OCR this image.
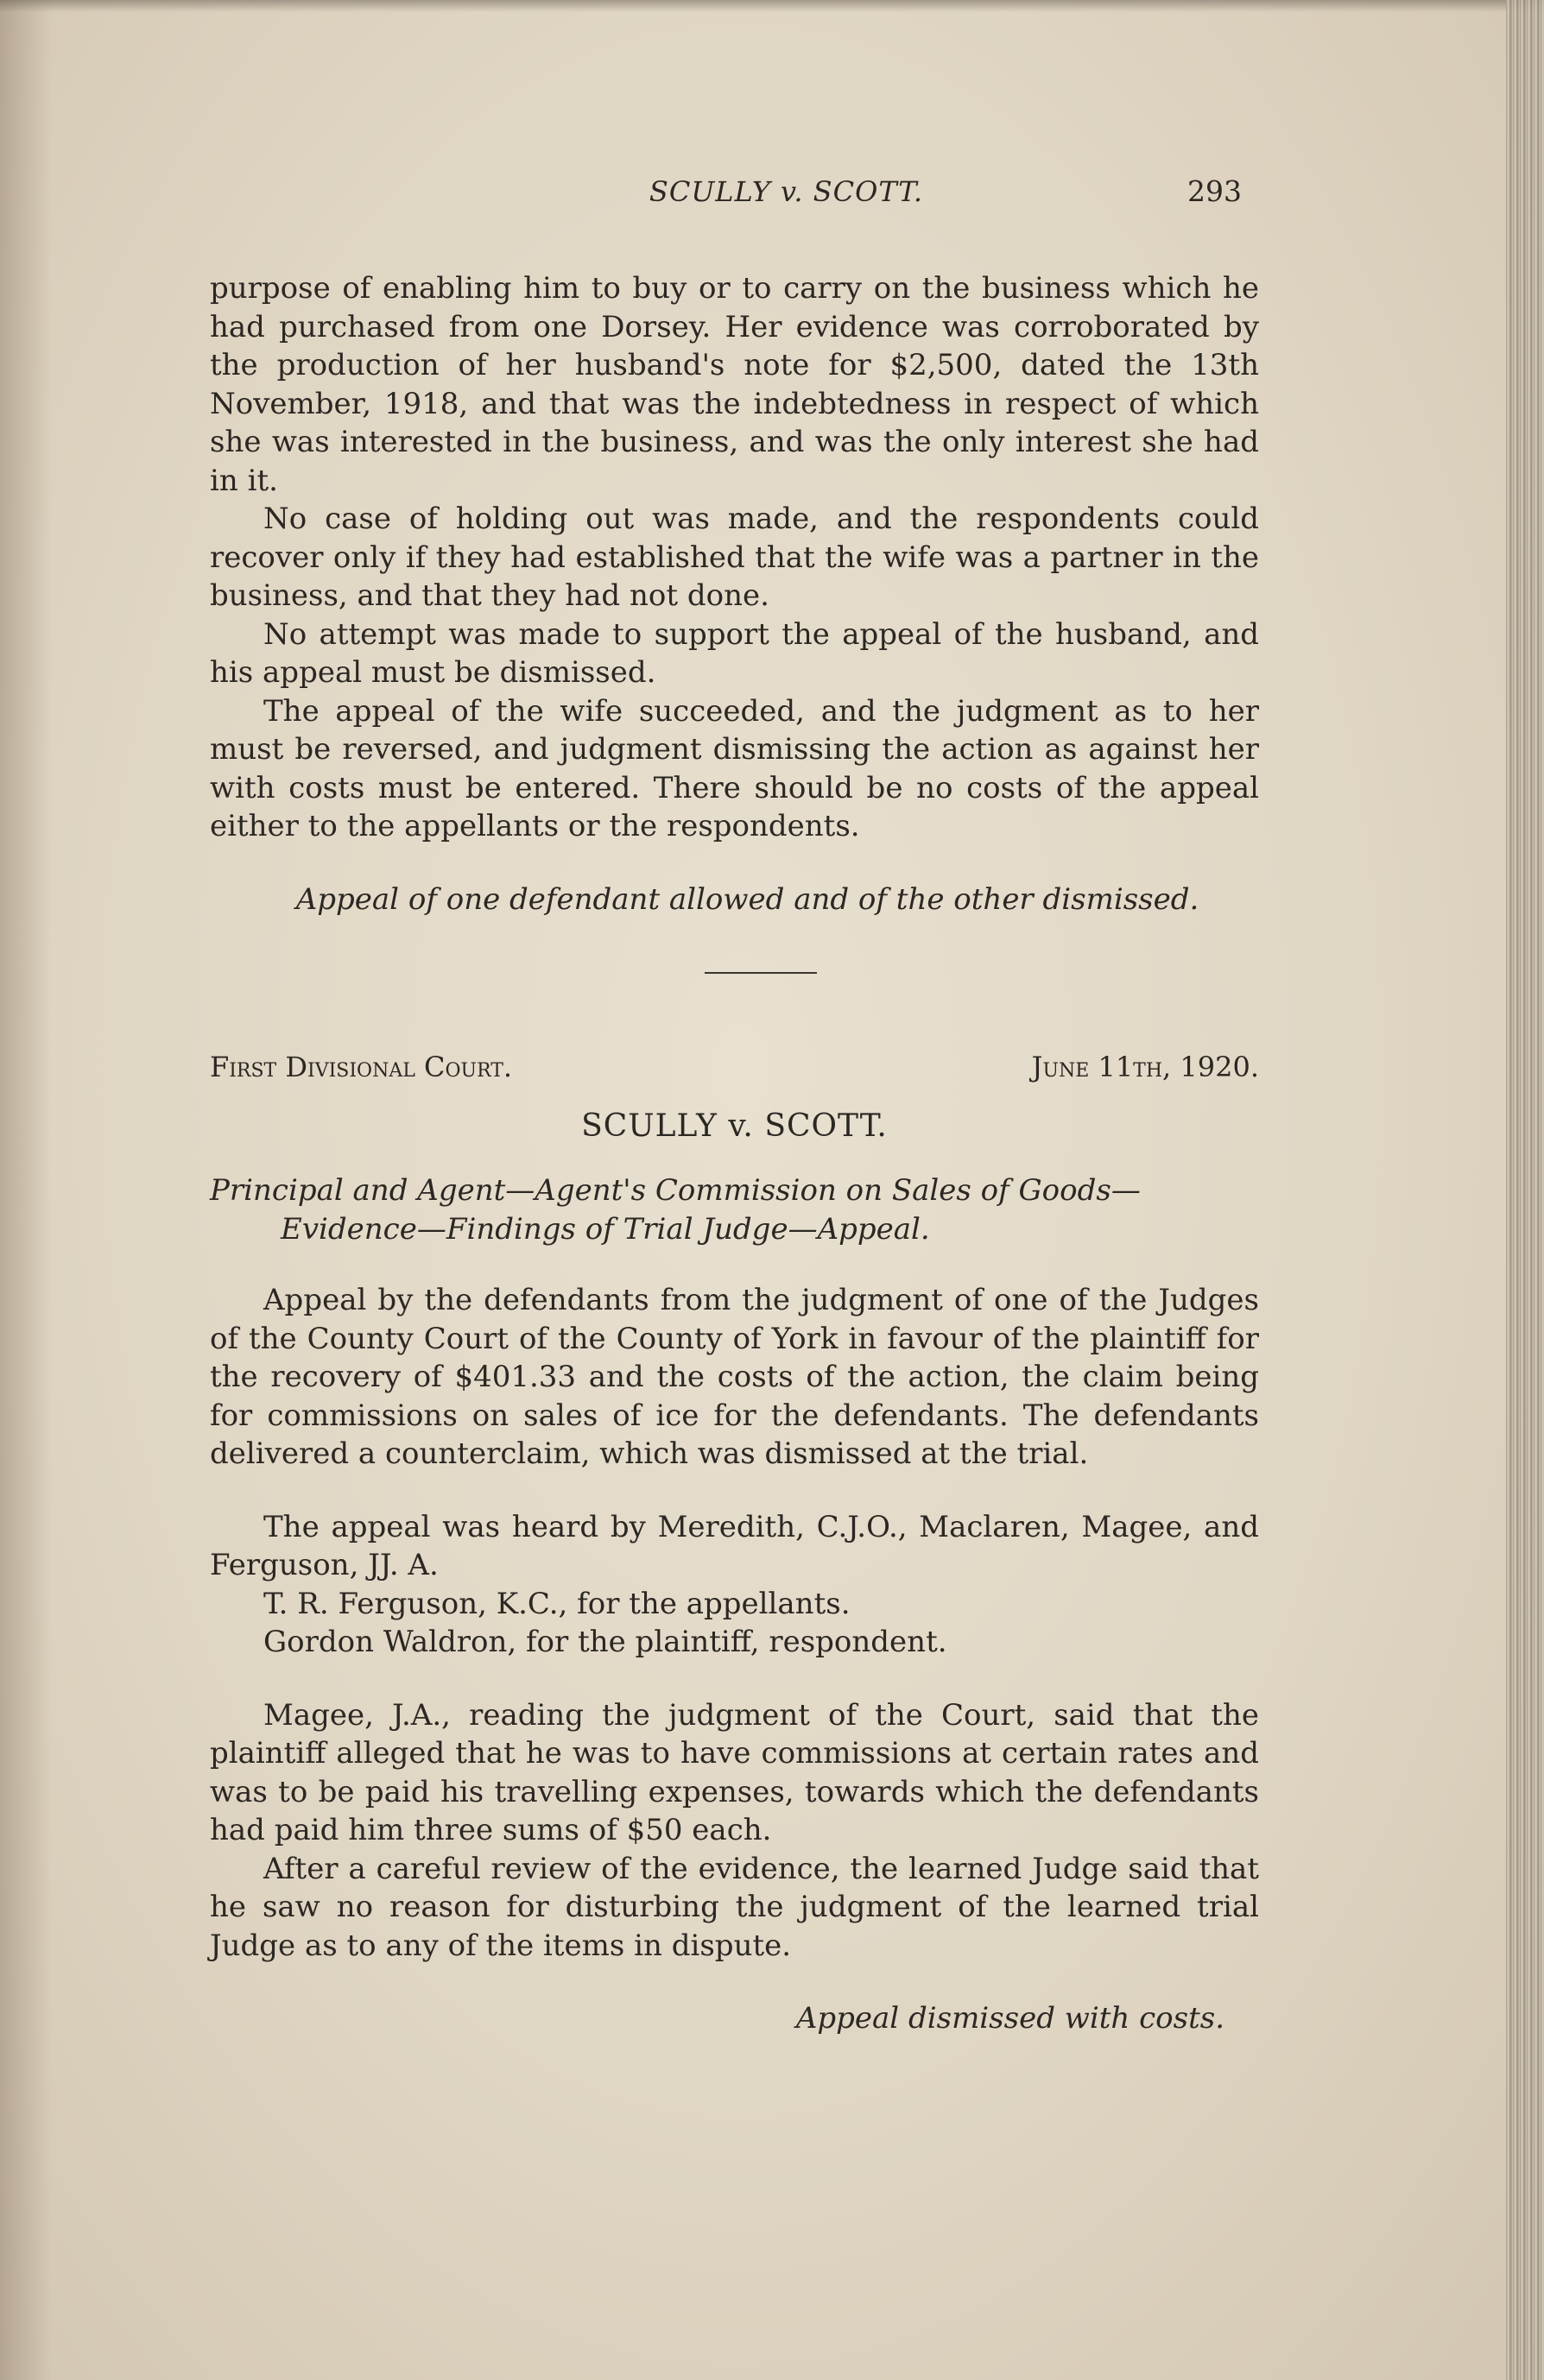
SCULLY v. SCOTT.	293

purpose of enabling him to buy or to carry on the business which he had purchased from one Dorsey. Her evidence was corroborated by the production of her husband's note for $2,500, dated the 13th November, 1918, and that was the indebtedness in respect of which she was interested in the business, and was the only interest she had in it.

No case of holding out was made, and the respondents could recover only if they had established that the wife was a partner in the business, and that they had not done.

No attempt was made to support the appeal of the husband, and his appeal must be dismissed.

The appeal of the wife succeeded, and the judgment as to her must be reversed, and judgment dismissing the action as against her with costs must be entered. There should be no costs of the appeal either to the appellants or the respondents.

Appeal of one defendant allowed and of the other dismissed.

First Divisional Court.	June 11th, 1920.
SCULLY v. SCOTT.

Principal and Agent—Agent's Commission on Sales of Goods—Evidence—Findings of Trial Judge—Appeal.

Appeal by the defendants from the judgment of one of the Judges of the County Court of the County of York in favour of the plaintiff for the recovery of $401.33 and the costs of the action, the claim being for commissions on sales of ice for the defendants. The defendants delivered a counterclaim, which was dismissed at the trial.

The appeal was heard by Meredith, C.J.O., Maclaren, Magee, and Ferguson, JJ. A.

T. R. Ferguson, K.C., for the appellants.

Gordon Waldron, for the plaintiff, respondent.

Magee, J.A., reading the judgment of the Court, said that the plaintiff alleged that he was to have commissions at certain rates and was to be paid his travelling expenses, towards which the defendants had paid him three sums of $50 each.

After a careful review of the evidence, the learned Judge said that he saw no reason for disturbing the judgment of the learned trial Judge as to any of the items in dispute.

Appeal dismissed with costs.
